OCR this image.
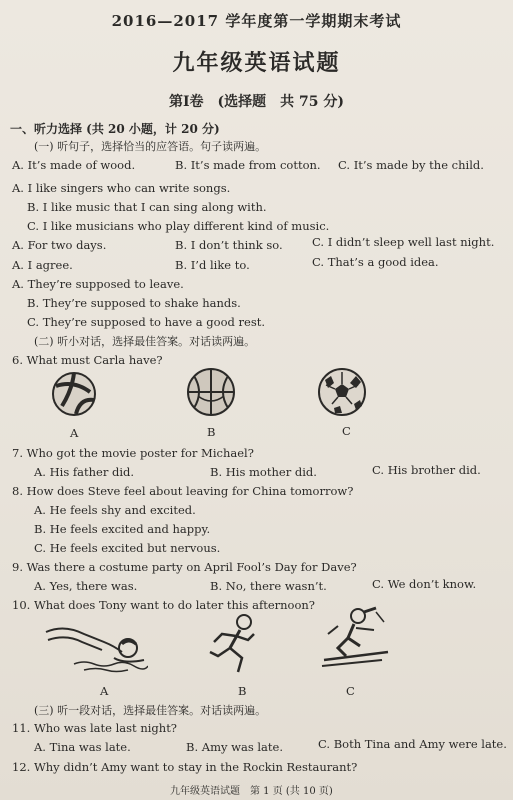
2016—2017 学年度第一学期期末考试
九年级英语试题
第Ⅰ卷　(选择题　共 75 分)
一、听力选择 (共 20 小题，计 20 分)
(一) 听句子，选择恰当的应答语。句子读两遍。
A. It’s made of wood.	B. It’s made from cotton. C. It’s made by the child.
A. I like singers who can write songs.
B. I like music that I can sing along with.
C. I like musicians who play different kind of music.
A. For two days.	B. I don’t think so.	C. I didn’t sleep well last night.
A. I agree.	B. I’d like to.	C. That’s a good idea.
A. They’re supposed to leave.
B. They’re supposed to shake hands.
C. They’re supposed to have a good rest.
(二) 听小对话，选择最佳答案。对话读两遍。
6. What must Carla have?
A	B	C
7. Who got the movie poster for Michael?
A. His father did.	B. His mother did.	C. His brother did.
8. How does Steve feel about leaving for China tomorrow?
A. He feels shy and excited.
B. He feels excited and happy.
C. He feels excited but nervous.
9. Was there a costume party on April Fool’s Day for Dave?
A. Yes, there was.	B. No, there wasn’t.	C. We don’t know.
10. What does Tony want to do later this afternoon?
A	B	C
(三) 听一段对话，选择最佳答案。对话读两遍。
11. Who was late last night?
A. Tina was late.	B. Amy was late.	C. Both Tina and Amy were late.
12. Why didn’t Amy want to stay in the Rockin Restaurant?
九年级英语试题　第 1 页 (共 10 页)
